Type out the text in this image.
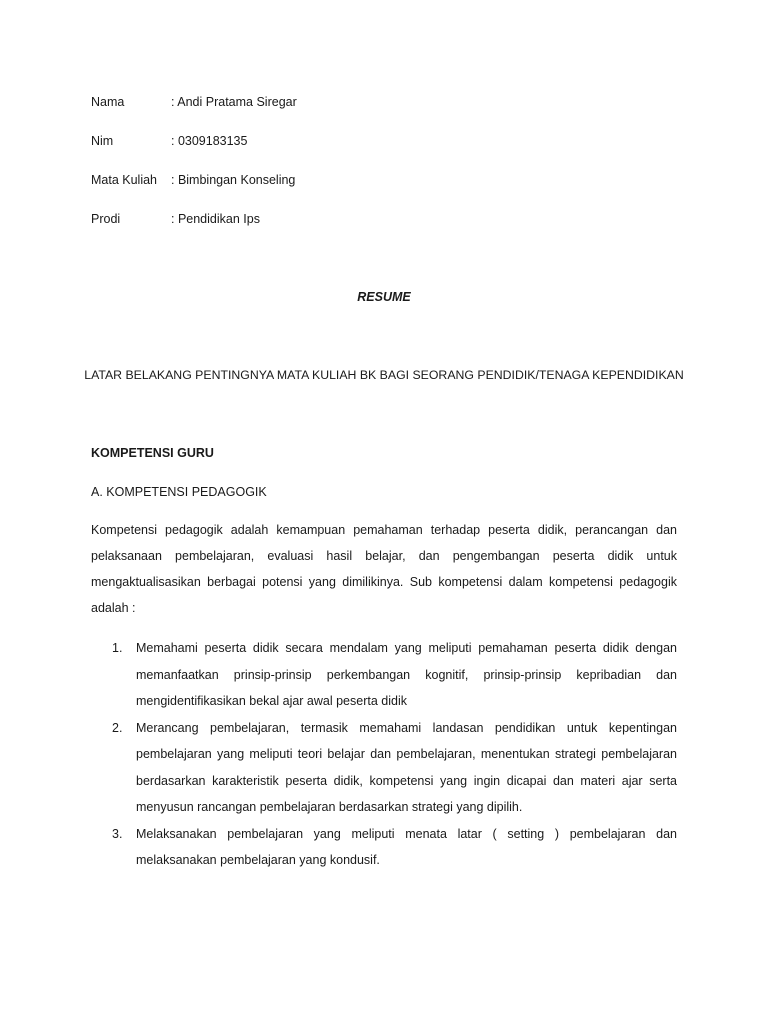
Nama	: Andi Pratama Siregar
Nim	: 0309183135
Mata Kuliah : Bimbingan Konseling
Prodi	: Pendidikan Ips
RESUME
LATAR BELAKANG PENTINGNYA MATA KULIAH BK BAGI SEORANG PENDIDIK/TENAGA KEPENDIDIKAN
KOMPETENSI GURU
A. KOMPETENSI PEDAGOGIK
Kompetensi pedagogik adalah kemampuan pemahaman terhadap peserta didik, perancangan dan pelaksanaan pembelajaran, evaluasi hasil belajar, dan pengembangan peserta didik untuk mengaktualisasikan berbagai potensi yang dimilikinya. Sub kompetensi dalam kompetensi pedagogik adalah :
1. Memahami peserta didik secara mendalam yang meliputi pemahaman peserta didik dengan memanfaatkan prinsip-prinsip perkembangan kognitif, prinsip-prinsip kepribadian dan mengidentifikasikan bekal ajar awal peserta didik
2. Merancang pembelajaran, termasik memahami landasan pendidikan untuk kepentingan pembelajaran yang meliputi teori belajar dan pembelajaran, menentukan strategi pembelajaran berdasarkan karakteristik peserta didik, kompetensi yang ingin dicapai dan materi ajar serta menyusun rancangan pembelajaran berdasarkan strategi yang dipilih.
3. Melaksanakan pembelajaran yang meliputi menata latar ( setting ) pembelajaran dan melaksanakan pembelajaran yang kondusif.
